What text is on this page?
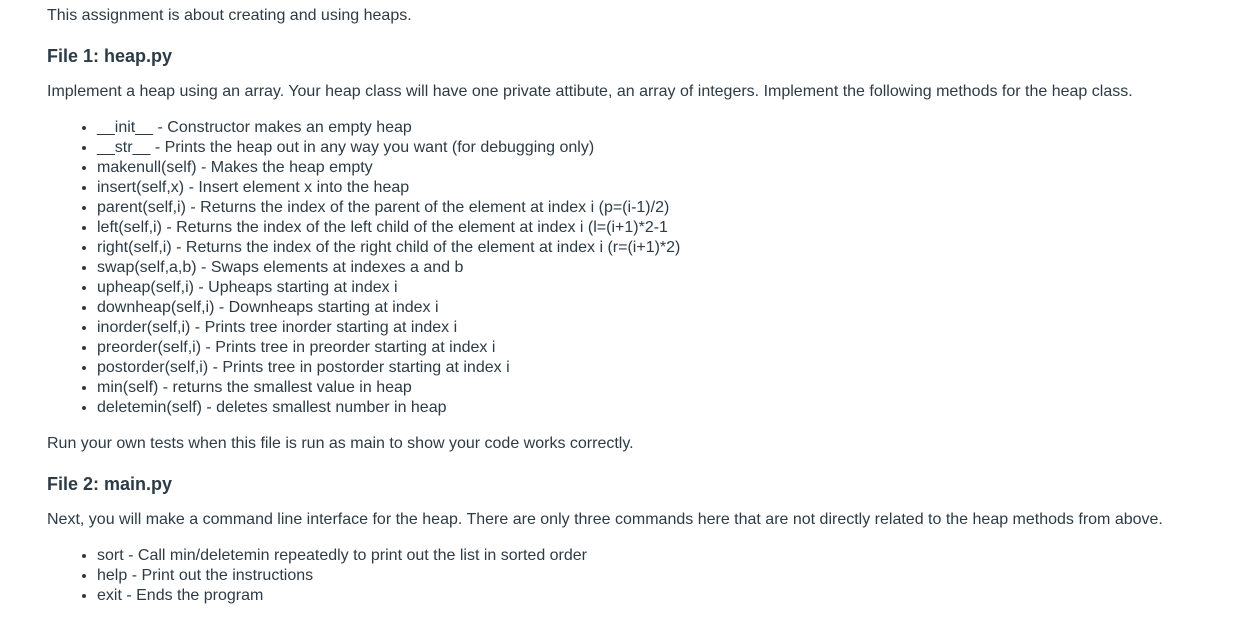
This assignment is about creating and using heaps.

File 1: heap.py

Implement a heap using an array. Your heap class will have one private attibute, an array of integers. Implement the following methods for the heap class.

• __init__ - Constructor makes an empty heap
• __str__ - Prints the heap out in any way you want (for debugging only)
• makenull(self) - Makes the heap empty
• insert(self,x) - Insert element x into the heap
• parent(self,i) - Returns the index of the parent of the element at index i (p=(i-1)/2)
• left(self,i) - Returns the index of the left child of the element at index i (l=(i+1)*2-1
• right(self,i) - Returns the index of the right child of the element at index i (r=(i+1)*2)
• swap(self,a,b) - Swaps elements at indexes a and b
• upheap(self,i) - Upheaps starting at index i
• downheap(self,i) - Downheaps starting at index i
• inorder(self,i) - Prints tree inorder starting at index i
• preorder(self,i) - Prints tree in preorder starting at index i
• postorder(self,i) - Prints tree in postorder starting at index i
• min(self) - returns the smallest value in heap
• deletemin(self) - deletes smallest number in heap

Run your own tests when this file is run as main to show your code works correctly.

File 2: main.py

Next, you will make a command line interface for the heap. There are only three commands here that are not directly related to the heap methods from above.

• sort - Call min/deletemin repeatedly to print out the list in sorted order
• help - Print out the instructions
• exit - Ends the program
